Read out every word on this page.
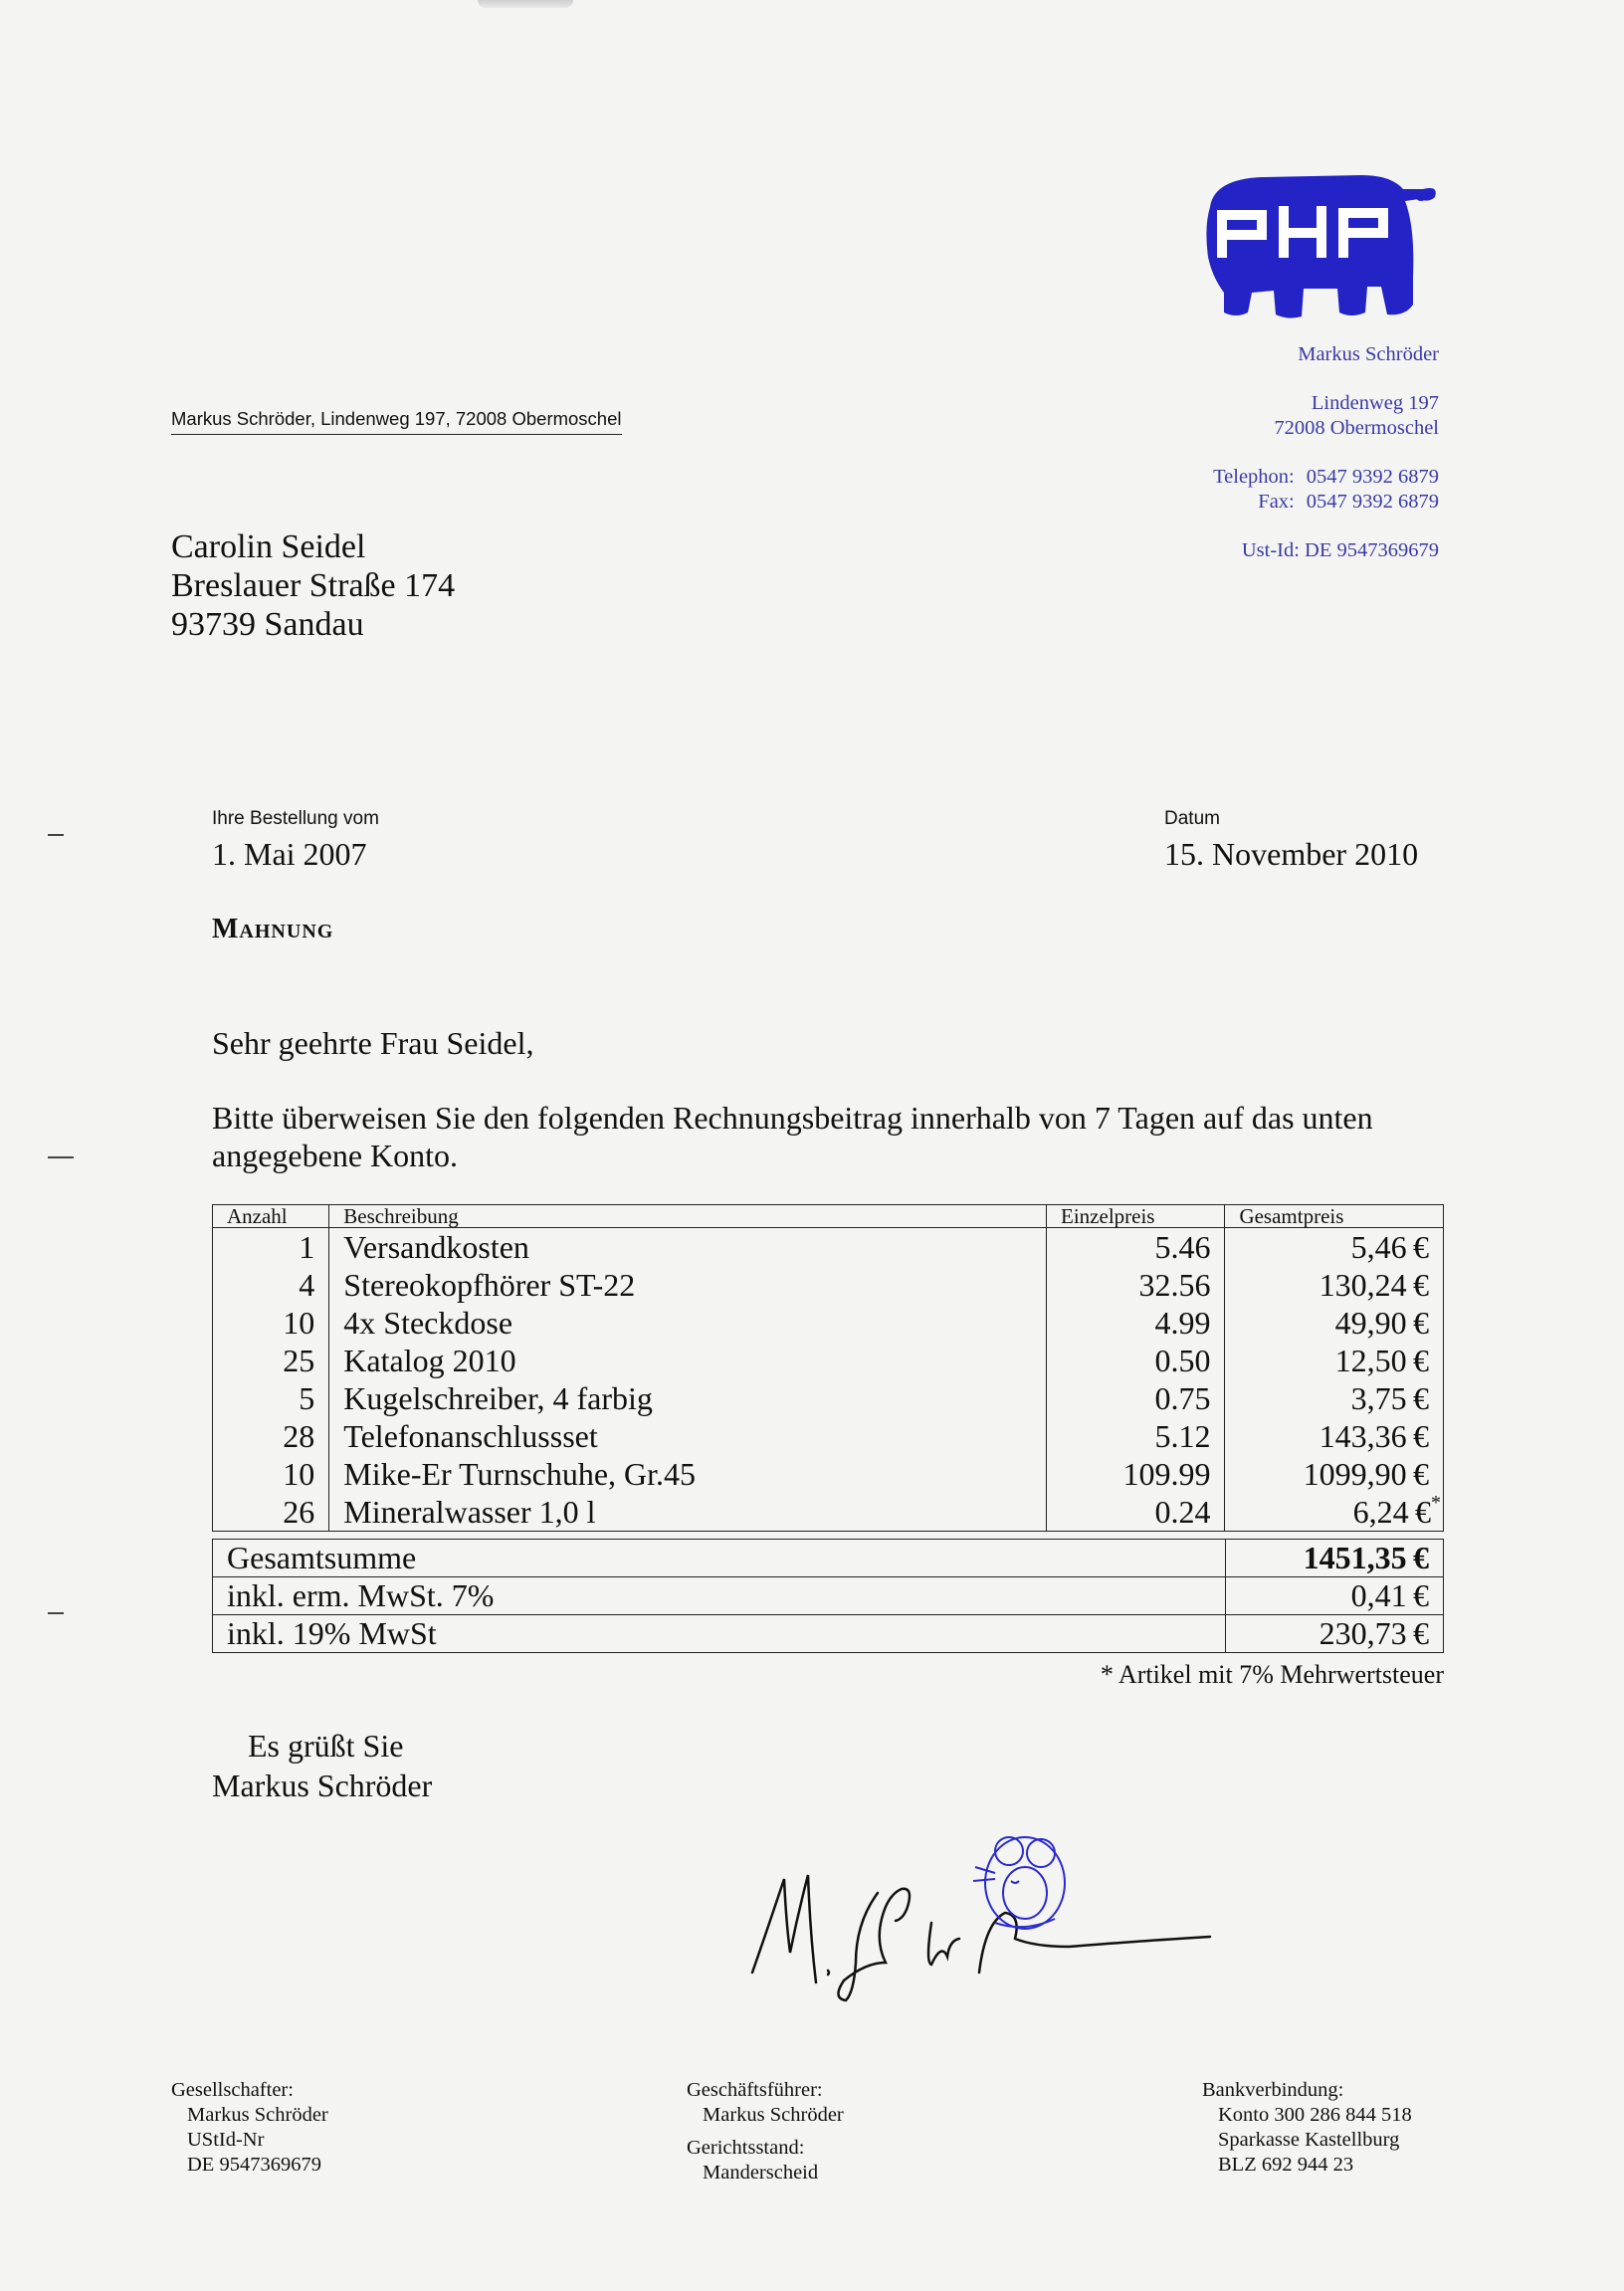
Markus Schröder, Lindenweg 197, 72008 Obermoschel
Markus Schröder
Lindenweg 197
72008 Obermoschel
Telephon: 0547 9392 6879
Fax: 0547 9392 6879
Ust-Id: DE 9547369679
Carolin Seidel
Breslauer Straße 174
93739 Sandau
Ihre Bestellung vom
1. Mai 2007
Datum
15. November 2010
Mahnung
Sehr geehrte Frau Seidel,
Bitte überweisen Sie den folgenden Rechnungsbeitrag innerhalb von 7 Tagen auf das unten angegebene Konto.
Anzahl	Beschreibung	Einzelpreis	Gesamtpreis
1	Versandkosten	5.46	5,46  €
4	Stereokopfhörer ST-22	32.56	130,24  €
10	4x Steckdose	4.99	49,90  €
25	Katalog 2010	0.50	12,50  €
5	Kugelschreiber, 4 farbig	0.75	3,75  €
28	Telefonanschlussset	5.12	143,36  €
10	Mike-Er Turnschuhe, Gr.45	109.99	1099,90  €
26	Mineralwasser 1,0 l	0.24	6,24  €*
Gesamtsumme	1451,35  €
inkl. erm. MwSt. 7%	0,41  €
inkl. 19% MwSt	230,73  €
* Artikel mit 7% Mehrwertsteuer
Es grüßt Sie
Markus Schröder
Gesellschafter:
Markus Schröder
UStId-Nr
DE 9547369679
Geschäftsführer:
Markus Schröder
Gerichtsstand:
Manderscheid
Bankverbindung:
Konto 300 286 844 518
Sparkasse Kastellburg
BLZ 692 944 23
